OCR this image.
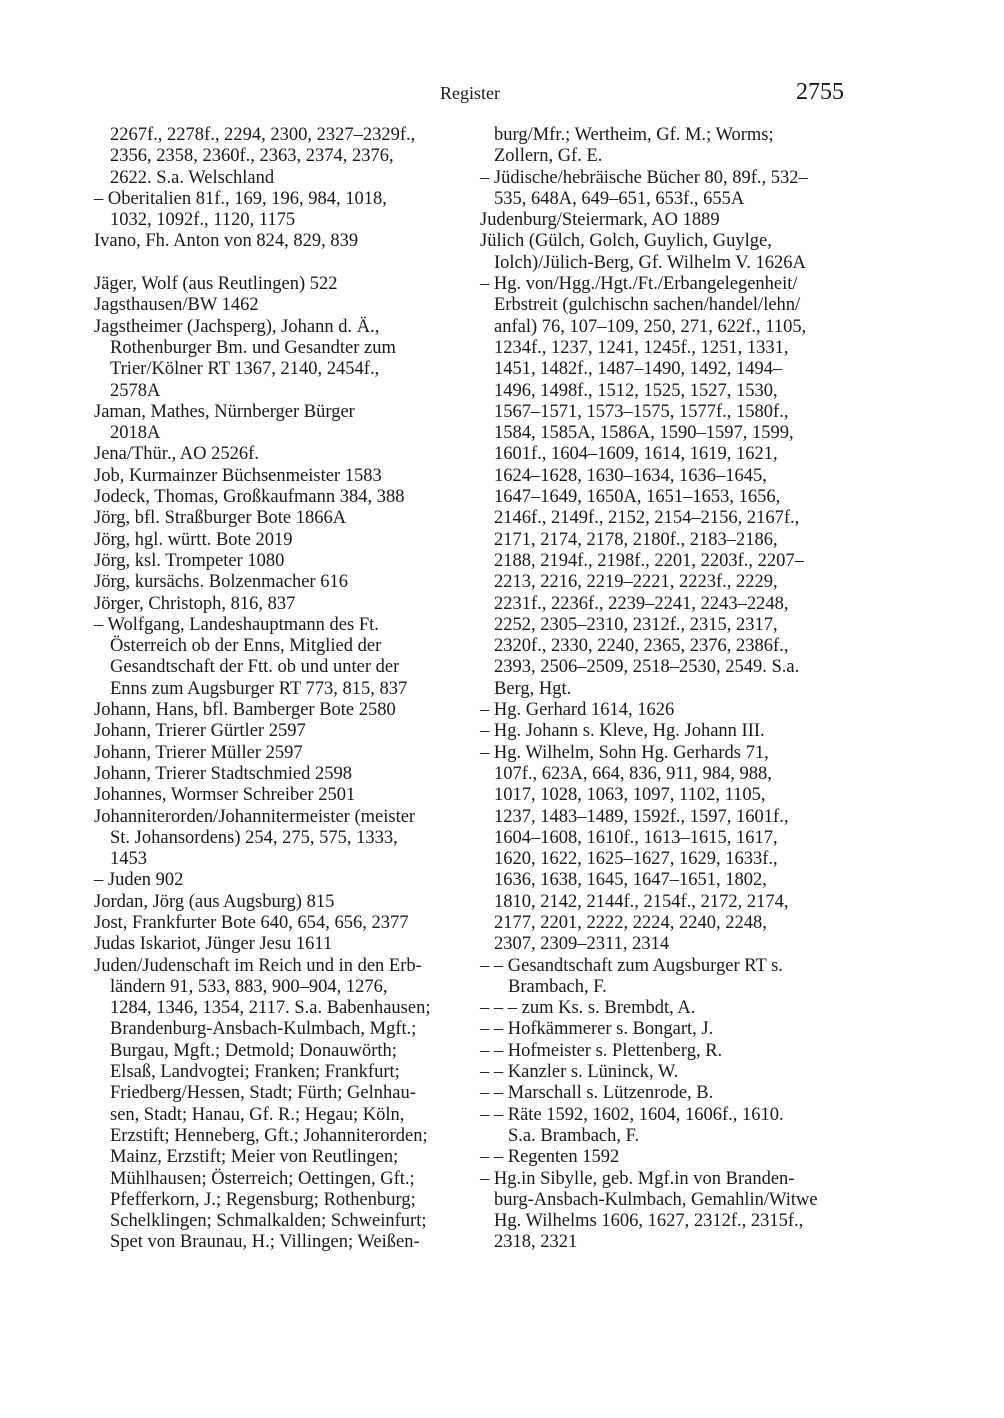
Register	2755
2267f., 2278f., 2294, 2300, 2327–2329f.,
2356, 2358, 2360f., 2363, 2374, 2376,
2622. S.a. Welschland
– Oberitalien 81f., 169, 196, 984, 1018,
1032, 1092f., 1120, 1175
Ivano, Fh. Anton von 824, 829, 839
Jäger, Wolf (aus Reutlingen) 522
Jagsthausen/BW 1462
Jagstheimer (Jachsperg), Johann d. Ä.,
Rothenburger Bm. und Gesandter zum
Trier/Kölner RT 1367, 2140, 2454f.,
2578A
Jaman, Mathes, Nürnberger Bürger
2018A
Jena/Thür., AO 2526f.
Job, Kurmainzer Büchsenmeister 1583
Jodeck, Thomas, Großkaufmann 384, 388
Jörg, bfl. Straßburger Bote 1866A
Jörg, hgl. württ. Bote 2019
Jörg, ksl. Trompeter 1080
Jörg, kursächs. Bolzenmacher 616
Jörger, Christoph, 816, 837
– Wolfgang, Landeshauptmann des Ft.
Österreich ob der Enns, Mitglied der
Gesandtschaft der Ftt. ob und unter der
Enns zum Augsburger RT 773, 815, 837
Johann, Hans, bfl. Bamberger Bote 2580
Johann, Trierer Gürtler 2597
Johann, Trierer Müller 2597
Johann, Trierer Stadtschmied 2598
Johannes, Wormser Schreiber 2501
Johanniterorden/Johannitermeister (meister
St. Johansordens) 254, 275, 575, 1333,
1453
– Juden 902
Jordan, Jörg (aus Augsburg) 815
Jost, Frankfurter Bote 640, 654, 656, 2377
Judas Iskariot, Jünger Jesu 1611
Juden/Judenschaft im Reich und in den Erb-
ländern 91, 533, 883, 900–904, 1276,
1284, 1346, 1354, 2117. S.a. Babenhausen;
Brandenburg-Ansbach-Kulmbach, Mgft.;
Burgau, Mgft.; Detmold; Donauwörth;
Elsaß, Landvogtei; Franken; Frankfurt;
Friedberg/Hessen, Stadt; Fürth; Gelnhau-
sen, Stadt; Hanau, Gf. R.; Hegau; Köln,
Erzstift; Henneberg, Gft.; Johanniterorden;
Mainz, Erzstift; Meier von Reutlingen;
Mühlhausen; Österreich; Oettingen, Gft.;
Pfefferkorn, J.; Regensburg; Rothenburg;
Schelklingen; Schmalkalden; Schweinfurt;
Spet von Braunau, H.; Villingen; Weißen-
burg/Mfr.; Wertheim, Gf. M.; Worms;
Zollern, Gf. E.
– Jüdische/hebräische Bücher 80, 89f., 532–
535, 648A, 649–651, 653f., 655A
Judenburg/Steiermark, AO 1889
Jülich (Gülch, Golch, Guylich, Guylge,
Iolch)/Jülich-Berg, Gf. Wilhelm V. 1626A
– Hg. von/Hgg./Hgt./Ft./Erbangelegenheit/
Erbstreit (gulchischn sachen/handel/lehn/
anfal) 76, 107–109, 250, 271, 622f., 1105,
1234f., 1237, 1241, 1245f., 1251, 1331,
1451, 1482f., 1487–1490, 1492, 1494–
1496, 1498f., 1512, 1525, 1527, 1530,
1567–1571, 1573–1575, 1577f., 1580f.,
1584, 1585A, 1586A, 1590–1597, 1599,
1601f., 1604–1609, 1614, 1619, 1621,
1624–1628, 1630–1634, 1636–1645,
1647–1649, 1650A, 1651–1653, 1656,
2146f., 2149f., 2152, 2154–2156, 2167f.,
2171, 2174, 2178, 2180f., 2183–2186,
2188, 2194f., 2198f., 2201, 2203f., 2207–
2213, 2216, 2219–2221, 2223f., 2229,
2231f., 2236f., 2239–2241, 2243–2248,
2252, 2305–2310, 2312f., 2315, 2317,
2320f., 2330, 2240, 2365, 2376, 2386f.,
2393, 2506–2509, 2518–2530, 2549. S.a.
Berg, Hgt.
– Hg. Gerhard 1614, 1626
– Hg. Johann s. Kleve, Hg. Johann III.
– Hg. Wilhelm, Sohn Hg. Gerhards 71,
107f., 623A, 664, 836, 911, 984, 988,
1017, 1028, 1063, 1097, 1102, 1105,
1237, 1483–1489, 1592f., 1597, 1601f.,
1604–1608, 1610f., 1613–1615, 1617,
1620, 1622, 1625–1627, 1629, 1633f.,
1636, 1638, 1645, 1647–1651, 1802,
1810, 2142, 2144f., 2154f., 2172, 2174,
2177, 2201, 2222, 2224, 2240, 2248,
2307, 2309–2311, 2314
– – Gesandtschaft zum Augsburger RT s.
Brambach, F.
– – – zum Ks. s. Brembdt, A.
– – Hofkämmerer s. Bongart, J.
– – Hofmeister s. Plettenberg, R.
– – Kanzler s. Lüninck, W.
– – Marschall s. Lützenrode, B.
– – Räte 1592, 1602, 1604, 1606f., 1610.
S.a. Brambach, F.
– – Regenten 1592
– Hg.in Sibylle, geb. Mgf.in von Branden-
burg-Ansbach-Kulmbach, Gemahlin/Witwe
Hg. Wilhelms 1606, 1627, 2312f., 2315f.,
2318, 2321
